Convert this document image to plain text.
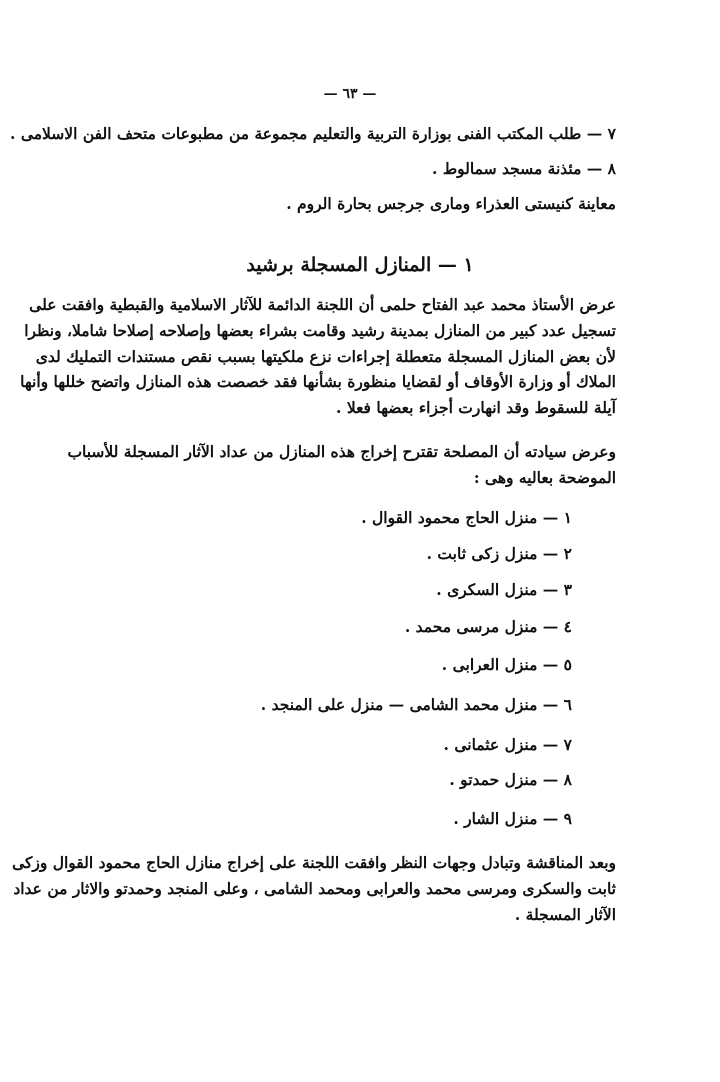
— ٦٣ —
٧ — طلب المكتب الفنى بوزارة التربية والتعليم مجموعة من مطبوعات متحف الفن الاسلامى .
٨ — مئذنة مسجد سمالوط .
معاينة كنيستى العذراء ومارى جرجس بحارة الروم .
١ — المنازل المسجلة برشيد
عرض الأستاذ محمد عبد الفتاح حلمى أن اللجنة الدائمة للآثار الاسلامية والقبطية وافقت على
تسجيل عدد كبير من المنازل بمدينة رشيد وقامت بشراء بعضها وإصلاحه إصلاحا شاملا، ونظرا
لأن بعض المنازل المسجلة متعطلة إجراءات نزع ملكيتها بسبب نقص مستندات التمليك لدى
الملاك أو وزارة الأوقاف أو لقضايا منظورة بشأنها فقد خصصت هذه المنازل واتضح خللها وأنها
آيلة للسقوط وقد انهارت أجزاء بعضها فعلا .
وعرض سيادته أن المصلحة تقترح إخراج هذه المنازل من عداد الآثار المسجلة للأسباب
الموضحة بعاليه وهى :
١ — منزل الحاج محمود القوال .
٢ — منزل زكى ثابت .
٣ — منزل السكرى .
٤ — منزل مرسى محمد .
٥ — منزل العرابى .
٦ — منزل محمد الشامى — منزل على المنجد .
٧ — منزل عثمانى .
٨ — منزل حمدتو .
٩ — منزل الشار .
وبعد المناقشة وتبادل وجهات النظر وافقت اللجنة على إخراج منازل الحاج محمود القوال وزكى
ثابت والسكرى ومرسى محمد والعرابى ومحمد الشامى ، وعلى المنجد وحمدتو والاثار من عداد
الآثار المسجلة .
